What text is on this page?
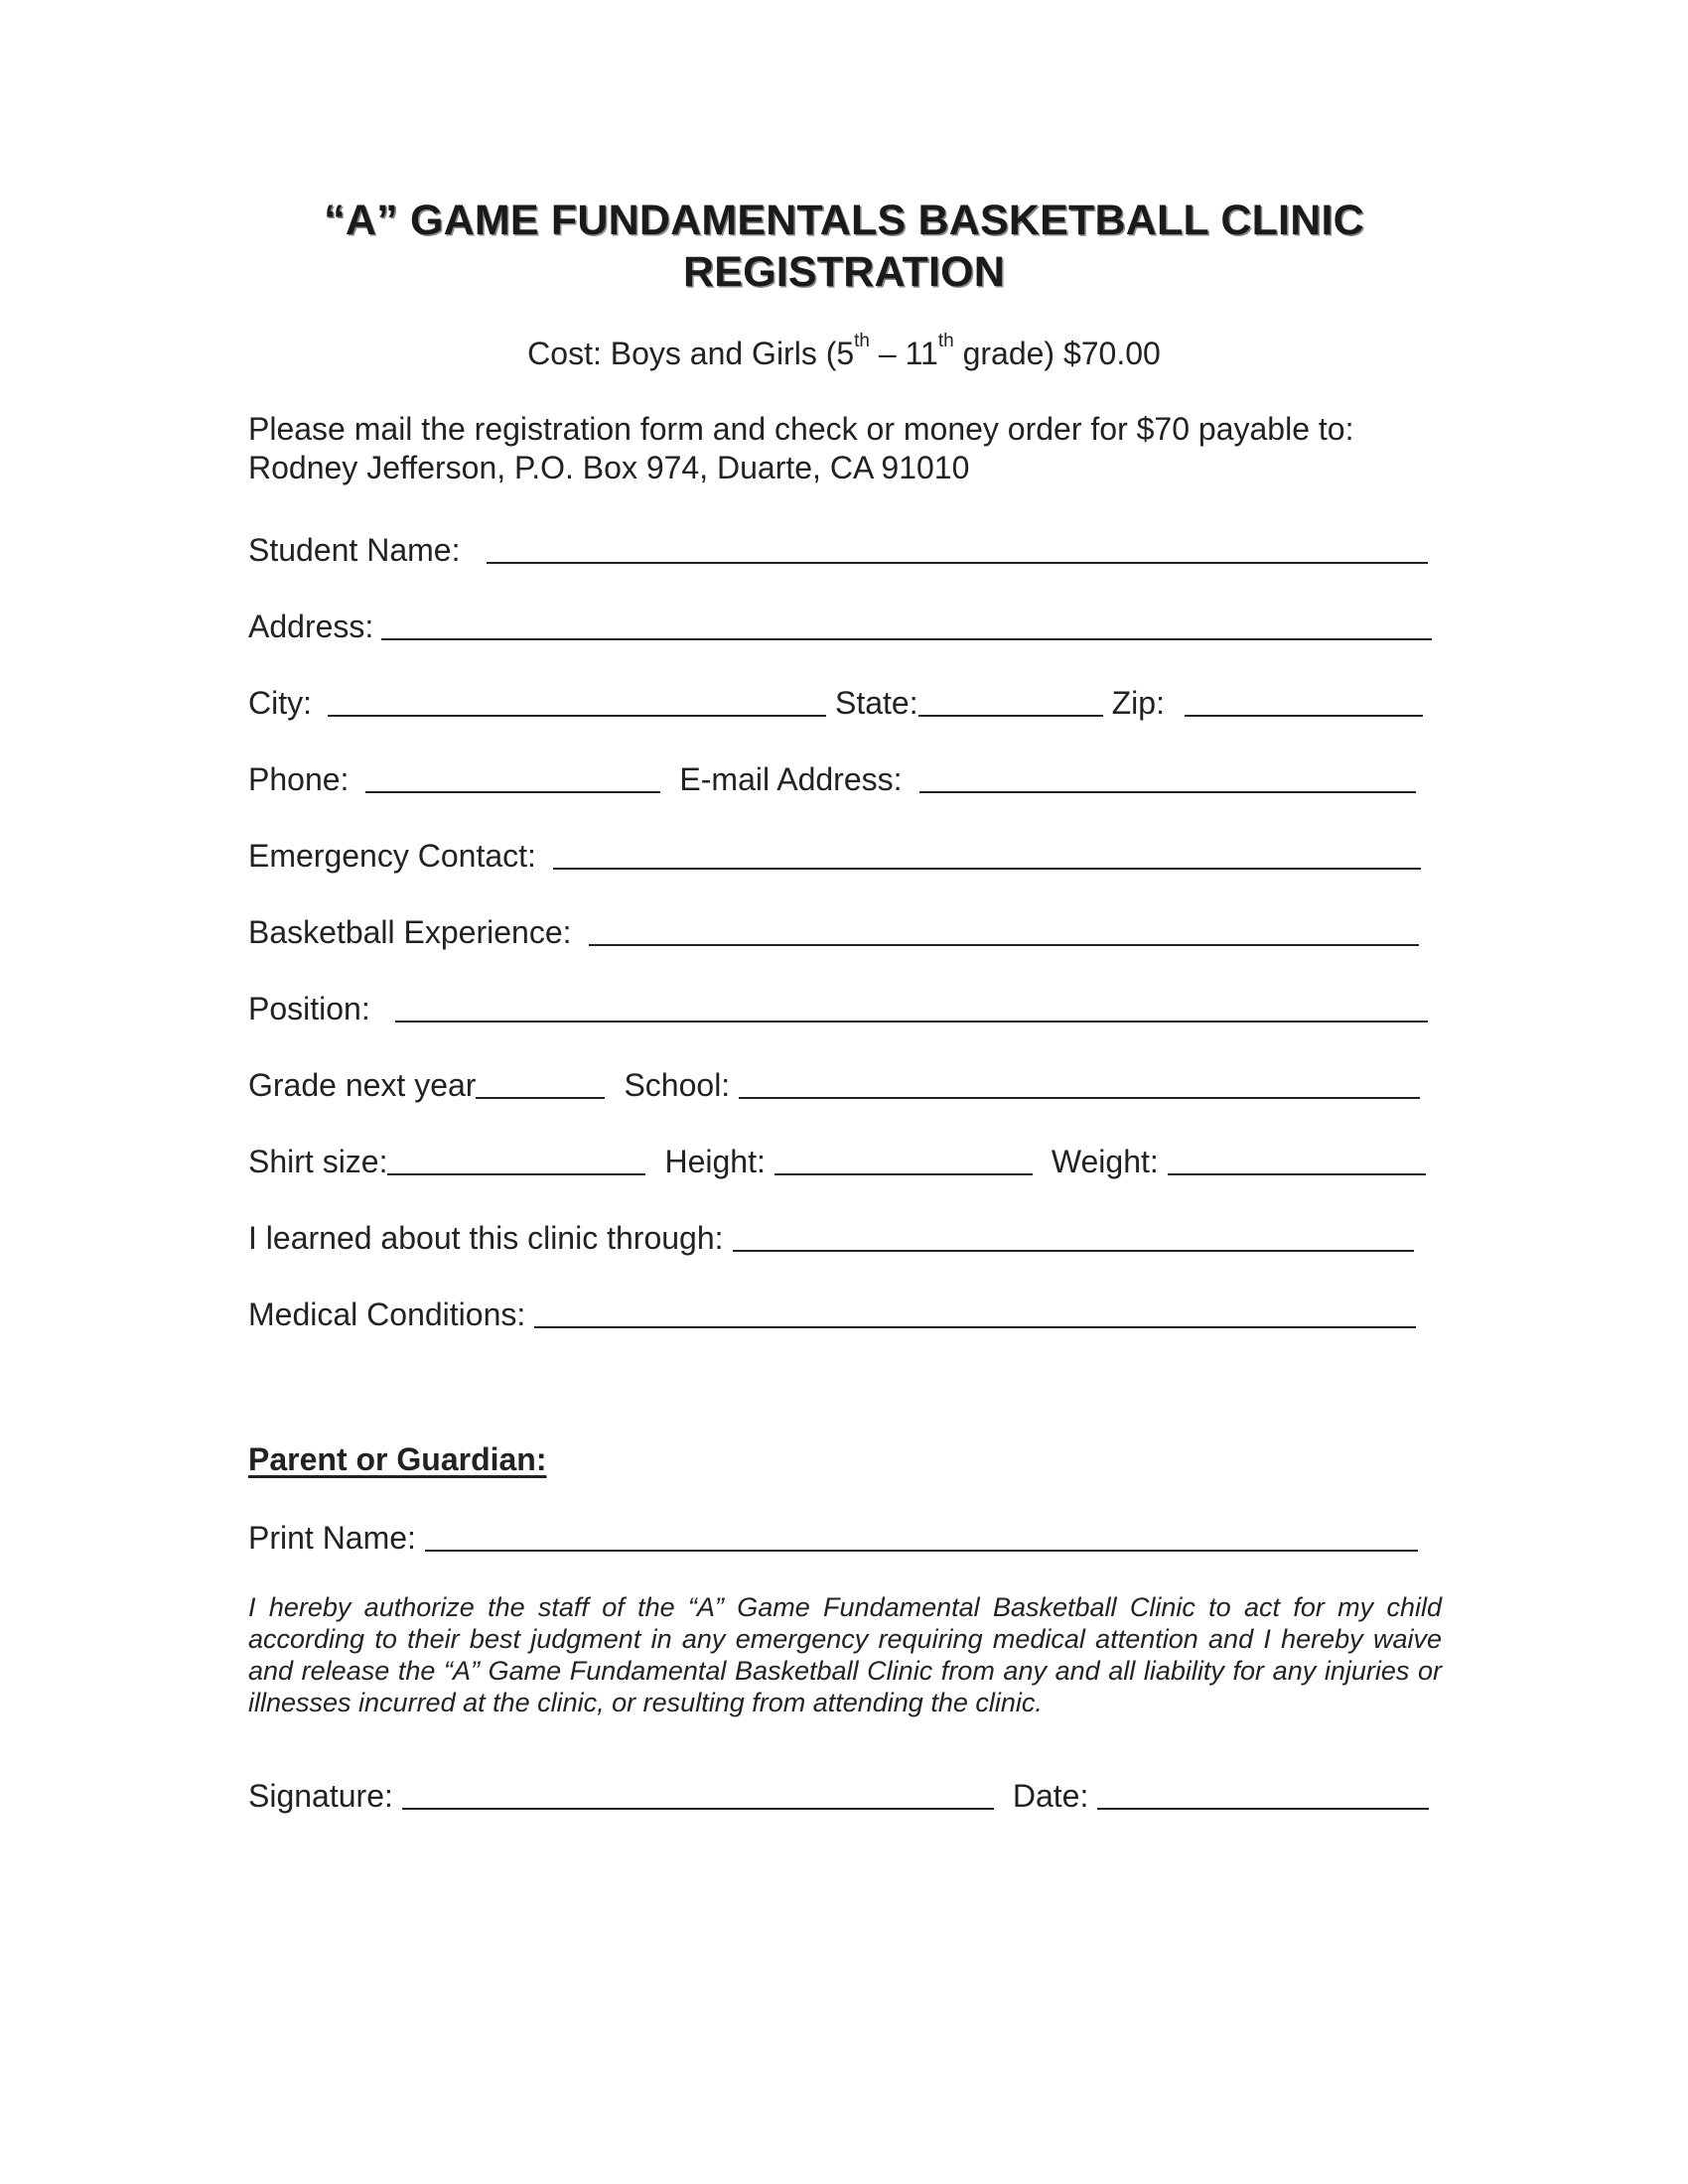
“A” GAME FUNDAMENTALS BASKETBALL CLINIC
REGISTRATION
Cost: Boys and Girls (5th – 11th grade) $70.00
Please mail the registration form and check or money order for $70 payable to:
Rodney Jefferson, P.O. Box 974, Duarte, CA 91010
Student Name:
Address:
City:	State:	Zip:
Phone:	E-mail Address:
Emergency Contact:
Basketball Experience:
Position:
Grade next year	School:
Shirt size:	Height:	Weight:
I learned about this clinic through:
Medical Conditions:
Parent or Guardian:
Print Name:
I hereby authorize the staff of the “A” Game Fundamental Basketball Clinic to act for my child according to their best judgment in any emergency requiring medical attention and I hereby waive and release the “A” Game Fundamental Basketball Clinic from any and all liability for any injuries or illnesses incurred at the clinic, or resulting from attending the clinic.
Signature:	Date:
